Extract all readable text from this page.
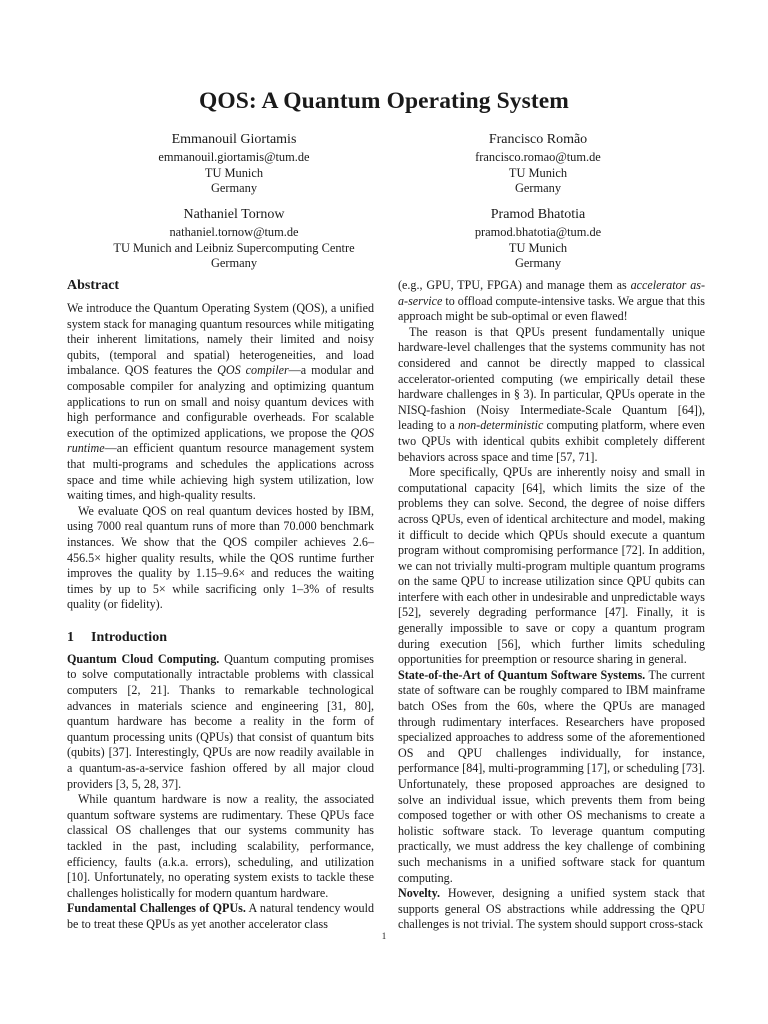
QOS: A Quantum Operating System
Emmanouil Giortamis
emmanouil.giortamis@tum.de
TU Munich
Germany
Francisco Romão
francisco.romao@tum.de
TU Munich
Germany
Nathaniel Tornow
nathaniel.tornow@tum.de
TU Munich and Leibniz Supercomputing Centre
Germany
Pramod Bhatotia
pramod.bhatotia@tum.de
TU Munich
Germany
Abstract

We introduce the Quantum Operating System (QOS), a unified system stack for managing quantum resources while mitigating their inherent limitations, namely their limited and noisy qubits, (temporal and spatial) heterogeneities, and load imbalance. QOS features the QOS compiler—a modular and composable compiler for analyzing and optimizing quantum applications to run on small and noisy quantum devices with high performance and configurable overheads. For scalable execution of the optimized applications, we propose the QOS runtime—an efficient quantum resource management system that multi-programs and schedules the applications across space and time while achieving high system utilization, low waiting times, and high-quality results.

We evaluate QOS on real quantum devices hosted by IBM, using 7000 real quantum runs of more than 70.000 benchmark instances. We show that the QOS compiler achieves 2.6–456.5× higher quality results, while the QOS runtime further improves the quality by 1.15–9.6× and reduces the waiting times by up to 5× while sacrificing only 1–3% of results quality (or fidelity).

1 Introduction

Quantum Cloud Computing. Quantum computing promises to solve computationally intractable problems with classical computers [2, 21]. Thanks to remarkable technological advances in materials science and engineering [31, 80], quantum hardware has become a reality in the form of quantum processing units (QPUs) that consist of quantum bits (qubits) [37]. Interestingly, QPUs are now readily available in a quantum-as-a-service fashion offered by all major cloud providers [3, 5, 28, 37].

While quantum hardware is now a reality, the associated quantum software systems are rudimentary. These QPUs face classical OS challenges that our systems community has tackled in the past, including scalability, performance, efficiency, faults (a.k.a. errors), scheduling, and utilization [10]. Unfortunately, no operating system exists to tackle these challenges holistically for modern quantum hardware.

Fundamental Challenges of QPUs. A natural tendency would be to treat these QPUs as yet another accelerator class

(e.g., GPU, TPU, FPGA) and manage them as accelerator as-a-service to offload compute-intensive tasks. We argue that this approach might be sub-optimal or even flawed!

The reason is that QPUs present fundamentally unique hardware-level challenges that the systems community has not considered and cannot be directly mapped to classical accelerator-oriented computing (we empirically detail these hardware challenges in § 3). In particular, QPUs operate in the NISQ-fashion (Noisy Intermediate-Scale Quantum [64]), leading to a non-deterministic computing platform, where even two QPUs with identical qubits exhibit completely different behaviors across space and time [57, 71].

More specifically, QPUs are inherently noisy and small in computational capacity [64], which limits the size of the problems they can solve. Second, the degree of noise differs across QPUs, even of identical architecture and model, making it difficult to decide which QPUs should execute a quantum program without compromising performance [72]. In addition, we can not trivially multi-program multiple quantum programs on the same QPU to increase utilization since QPU qubits can interfere with each other in undesirable and unpredictable ways [52], severely degrading performance [47]. Finally, it is generally impossible to save or copy a quantum program during execution [56], which further limits scheduling opportunities for preemption or resource sharing in general.

State-of-the-Art of Quantum Software Systems. The current state of software can be roughly compared to IBM mainframe batch OSes from the 60s, where the QPUs are managed through rudimentary interfaces. Researchers have proposed specialized approaches to address some of the aforementioned OS and QPU challenges individually, for instance, performance [84], multi-programming [17], or scheduling [73]. Unfortunately, these proposed approaches are designed to solve an individual issue, which prevents them from being composed together or with other OS mechanisms to create a holistic software stack. To leverage quantum computing practically, we must address the key challenge of combining such mechanisms in a unified software stack for quantum computing.

Novelty. However, designing a unified system stack that supports general OS abstractions while addressing the QPU challenges is not trivial. The system should support cross-stack

1
